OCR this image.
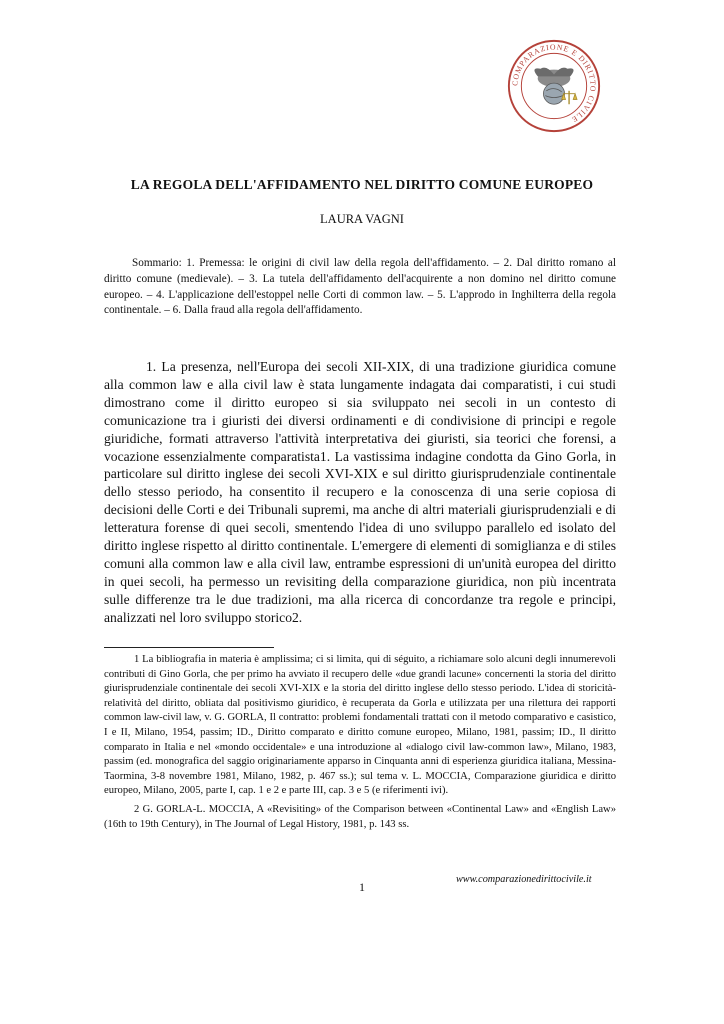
COMPARAZIONE E DIRITTO CIVILE
LA REGOLA DELL'AFFIDAMENTO NEL DIRITTO COMUNE EUROPEO
LAURA VAGNI
Sommario: 1. Premessa: le origini di civil law della regola dell'affidamento. – 2. Dal diritto romano al diritto comune (medievale). – 3. La tutela dell'affidamento dell'acquirente a non domino nel diritto comune europeo. – 4. L'applicazione dell'estoppel nelle Corti di common law. – 5. L'approdo in Inghilterra della regola continentale. – 6. Dalla fraud alla regola dell'affidamento.
1. La presenza, nell'Europa dei secoli XII-XIX, di una tradizione giuridica comune alla common law e alla civil law è stata lungamente indagata dai comparatisti, i cui studi dimostrano come il diritto europeo si sia sviluppato nei secoli in un contesto di comunicazione tra i giuristi dei diversi ordinamenti e di condivisione di principi e regole giuridiche, formati attraverso l'attività interpretativa dei giuristi, sia teorici che forensi, a vocazione essenzialmente comparatista1. La vastissima indagine condotta da Gino Gorla, in particolare sul diritto inglese dei secoli XVI-XIX e sul diritto giurisprudenziale continentale dello stesso periodo, ha consentito il recupero e la conoscenza di una serie copiosa di decisioni delle Corti e dei Tribunali supremi, ma anche di altri materiali giurisprudenziali e di letteratura forense di quei secoli, smentendo l'idea di uno sviluppo parallelo ed isolato del diritto inglese rispetto al diritto continentale. L'emergere di elementi di somiglianza e di stiles comuni alla common law e alla civil law, entrambe espressioni di un'unità europea del diritto in quei secoli, ha permesso un revisiting della comparazione giuridica, non più incentrata sulle differenze tra le due tradizioni, ma alla ricerca di concordanze tra regole e principi, analizzati nel loro sviluppo storico2.
1 La bibliografia in materia è amplissima; ci si limita, qui di séguito, a richiamare solo alcuni degli innumerevoli contributi di Gino Gorla, che per primo ha avviato il recupero delle «due grandi lacune» concernenti la storia del diritto giurisprudenziale continentale dei secoli XVI-XIX e la storia del diritto inglese dello stesso periodo. L'idea di storicità-relatività del diritto, obliata dal positivismo giuridico, è recuperata da Gorla e utilizzata per una rilettura dei rapporti common law-civil law, v. G. GORLA, Il contratto: problemi fondamentali trattati con il metodo comparativo e casistico, I e II, Milano, 1954, passim; ID., Diritto comparato e diritto comune europeo, Milano, 1981, passim; ID., Il diritto comparato in Italia e nel «mondo occidentale» e una introduzione al «dialogo civil law-common law», Milano, 1983, passim (ed. monografica del saggio originariamente apparso in Cinquanta anni di esperienza giuridica italiana, Messina-Taormina, 3-8 novembre 1981, Milano, 1982, p. 467 ss.); sul tema v. L. MOCCIA, Comparazione giuridica e diritto europeo, Milano, 2005, parte I, cap. 1 e 2 e parte III, cap. 3 e 5 (e riferimenti ivi).
2 G. GORLA-L. MOCCIA, A «Revisiting» of the Comparison between «Continental Law» and «English Law» (16th to 19th Century), in The Journal of Legal History, 1981, p. 143 ss.
1
www.comparazionedirittocivile.it
